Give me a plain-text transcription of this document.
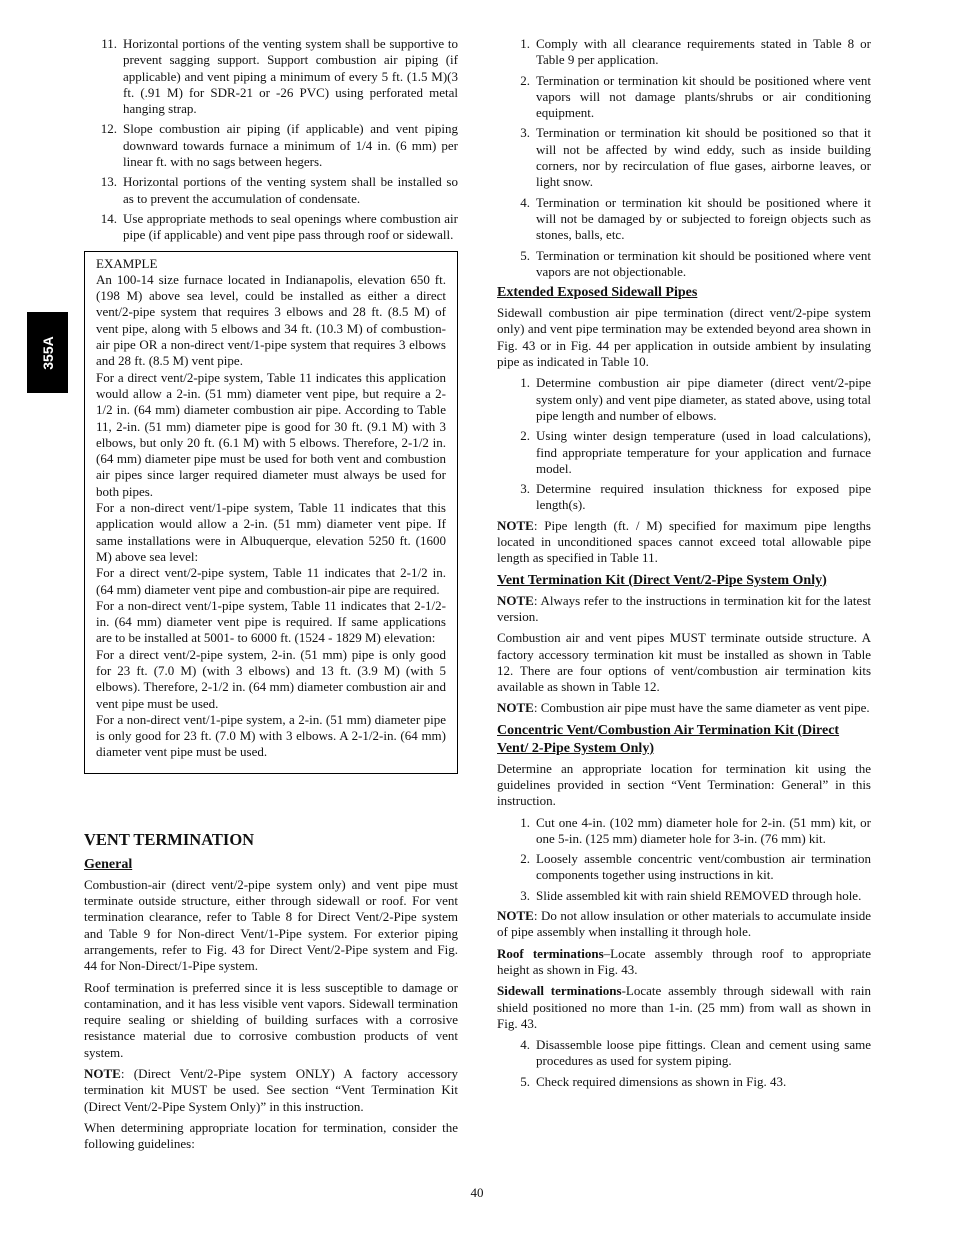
355A
11. Horizontal portions of the venting system shall be supportive to prevent sagging support. Support combustion air piping (if applicable) and vent piping a minimum of every 5 ft. (1.5 M)(3 ft. (.91 M) for SDR-21 or -26 PVC) using perforated metal hanging strap.
12. Slope combustion air piping (if applicable) and vent piping downward towards furnace a minimum of 1/4 in. (6 mm) per linear ft. with no sags between hegers.
13. Horizontal portions of the venting system shall be installed so as to prevent the accumulation of condensate.
14. Use appropriate methods to seal openings where combustion air pipe (if applicable) and vent pipe pass through roof or sidewall.

EXAMPLE

An 100-14 size furnace located in Indianapolis, elevation 650 ft. (198 M) above sea level, could be installed as either a direct vent/2-pipe system that requires 3 elbows and 28 ft. (8.5 M) of vent pipe, along with 5 elbows and 34 ft. (10.3 M) of combustion-air pipe OR a non-direct vent/1-pipe system that requires 3 elbows and 28 ft. (8.5 M) vent pipe.

For a direct vent/2-pipe system, Table 11 indicates this application would allow a 2-in. (51 mm) diameter vent pipe, but require a 2-1/2 in. (64 mm) diameter combustion air pipe. According to Table 11, 2-in. (51 mm) diameter pipe is good for 30 ft. (9.1 M) with 3 elbows, but only 20 ft. (6.1 M) with 5 elbows. Therefore, 2-1/2 in. (64 mm) diameter pipe must be used for both vent and combustion air pipes since larger required diameter must always be used for both pipes.

For a non-direct vent/1-pipe system, Table 11 indicates that this application would allow a 2-in. (51 mm) diameter vent pipe. If same installations were in Albuquerque, elevation 5250 ft. (1600 M) above sea level:

For a direct vent/2-pipe system, Table 11 indicates that 2-1/2 in. (64 mm) diameter vent pipe and combustion-air pipe are required.

For a non-direct vent/1-pipe system, Table 11 indicates that 2-1/2-in. (64 mm) diameter vent pipe is required. If same applications are to be installed at 5001- to 6000 ft. (1524 - 1829 M) elevation:

For a direct vent/2-pipe system, 2-in. (51 mm) pipe is only good for 23 ft. (7.0 M) (with 3 elbows) and 13 ft. (3.9 M) (with 5 elbows). Therefore, 2-1/2 in. (64 mm) diameter combustion air and vent pipe must be used.

For a non-direct vent/1-pipe system, a 2-in. (51 mm) diameter pipe is only good for 23 ft. (7.0 M) with 3 elbows. A 2-1/2-in. (64 mm) diameter vent pipe must be used.

VENT TERMINATION
General

Combustion-air (direct vent/2-pipe system only) and vent pipe must terminate outside structure, either through sidewall or roof. For vent termination clearance, refer to Table 8 for Direct Vent/2-Pipe system and Table 9 for Non-direct Vent/1-Pipe system. For exterior piping arrangements, refer to Fig. 43 for Direct Vent/2-Pipe system and Fig. 44 for Non-Direct/1-Pipe system.

Roof termination is preferred since it is less susceptible to damage or contamination, and it has less visible vent vapors. Sidewall termination require sealing or shielding of building surfaces with a corrosive resistance material due to corrosive combustion products of vent system.

NOTE: (Direct Vent/2-Pipe system ONLY) A factory accessory termination kit MUST be used. See section “Vent Termination Kit (Direct Vent/2-Pipe System Only)” in this instruction.

When determining appropriate location for termination, consider the following guidelines:

1. Comply with all clearance requirements stated in Table 8 or Table 9 per application.
2. Termination or termination kit should be positioned where vent vapors will not damage plants/shrubs or air conditioning equipment.
3. Termination or termination kit should be positioned so that it will not be affected by wind eddy, such as inside building corners, nor by recirculation of flue gases, airborne leaves, or light snow.
4. Termination or termination kit should be positioned where it will not be damaged by or subjected to foreign objects such as stones, balls, etc.
5. Termination or termination kit should be positioned where vent vapors are not objectionable.
Extended Exposed Sidewall Pipes

Sidewall combustion air pipe termination (direct vent/2-pipe system only) and vent pipe termination may be extended beyond area shown in Fig. 43 or in Fig. 44 per application in outside ambient by insulating pipe as indicated in Table 10.

1. Determine combustion air pipe diameter (direct vent/2-pipe system only) and vent pipe diameter, as stated above, using total pipe length and number of elbows.
2. Using winter design temperature (used in load calculations), find appropriate temperature for your application and furnace model.
3. Determine required insulation thickness for exposed pipe length(s).

NOTE: Pipe length (ft. / M) specified for maximum pipe lengths located in unconditioned spaces cannot exceed total allowable pipe length as specified in Table 11.

Vent Termination Kit (Direct Vent/2-Pipe System Only)

NOTE: Always refer to the instructions in termination kit for the latest version.

Combustion air and vent pipes MUST terminate outside structure. A factory accessory termination kit must be installed as shown in Table 12. There are four options of vent/combustion air termination kits available as shown in Table 12.

NOTE: Combustion air pipe must have the same diameter as vent pipe.

Concentric Vent/Combustion Air Termination Kit (Direct Vent/ 2-Pipe System Only)

Determine an appropriate location for termination kit using the guidelines provided in section “Vent Termination: General” in this instruction.

1. Cut one 4-in. (102 mm) diameter hole for 2-in. (51 mm) kit, or one 5-in. (125 mm) diameter hole for 3-in. (76 mm) kit.
2. Loosely assemble concentric vent/combustion air termination components together using instructions in kit.
3. Slide assembled kit with rain shield REMOVED through hole.

NOTE: Do not allow insulation or other materials to accumulate inside of pipe assembly when installing it through hole.

Roof terminations–Locate assembly through roof to appropriate height as shown in Fig. 43.

Sidewall terminations-Locate assembly through sidewall with rain shield positioned no more than 1-in. (25 mm) from wall as shown in Fig. 43.

4. Disassemble loose pipe fittings. Clean and cement using same procedures as used for system piping.
5. Check required dimensions as shown in Fig. 43.
40
